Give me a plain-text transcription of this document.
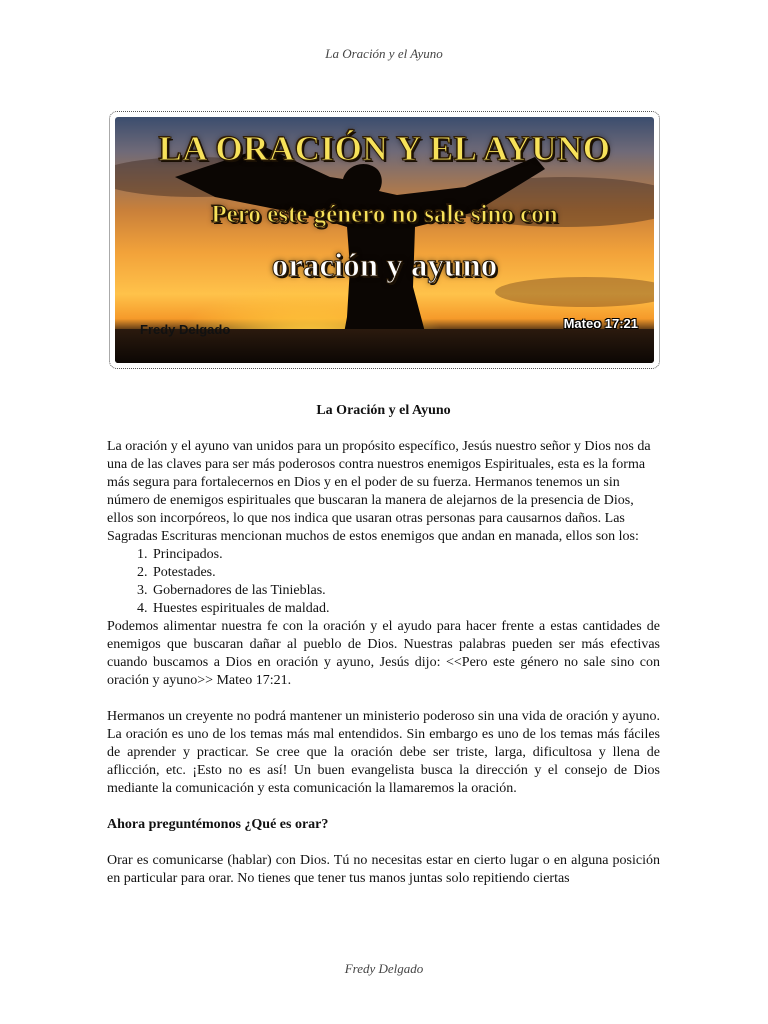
La Oración y el Ayuno
LA ORACIÓN Y EL AYUNO
Pero este género no sale sino con
oración y ayuno
Fredy Delgado	Mateo 17:21
La Oración y el Ayuno

La oración y el ayuno van unidos para un propósito específico, Jesús nuestro señor y Dios nos da una de las claves para ser más poderosos contra nuestros enemigos Espirituales, esta es la forma más segura para fortalecernos en Dios y en el poder de su fuerza. Hermanos tenemos un sin número de enemigos espirituales que buscaran la manera de alejarnos de la presencia de Dios, ellos son incorpóreos, lo que nos indica que usaran otras personas para causarnos daños. Las Sagradas Escrituras mencionan muchos de estos enemigos que andan en manada, ellos son los:

1. Principados.
2. Potestades.
3. Gobernadores de las Tinieblas.
4. Huestes espirituales de maldad.

Podemos alimentar nuestra fe con la oración y el ayudo para hacer frente a estas cantidades de enemigos que buscaran dañar al pueblo de Dios. Nuestras palabras pueden ser más efectivas cuando buscamos a Dios en oración y ayuno, Jesús dijo: <<Pero este género no sale sino con oración y ayuno>> Mateo 17:21.

Hermanos un creyente no podrá mantener un ministerio poderoso sin una vida de oración y ayuno. La oración es uno de los temas más mal entendidos. Sin embargo es uno de los temas más fáciles de aprender y practicar. Se cree que la oración debe ser triste, larga, dificultosa y llena de aflicción, etc. ¡Esto no es así! Un buen evangelista busca la dirección y el consejo de Dios mediante la comunicación y esta comunicación la llamaremos la oración.

Ahora preguntémonos ¿Qué es orar?

Orar es comunicarse (hablar) con Dios. Tú no necesitas estar en cierto lugar o en alguna posición en particular para orar. No tienes que tener tus manos juntas solo repitiendo ciertas

Fredy Delgado
